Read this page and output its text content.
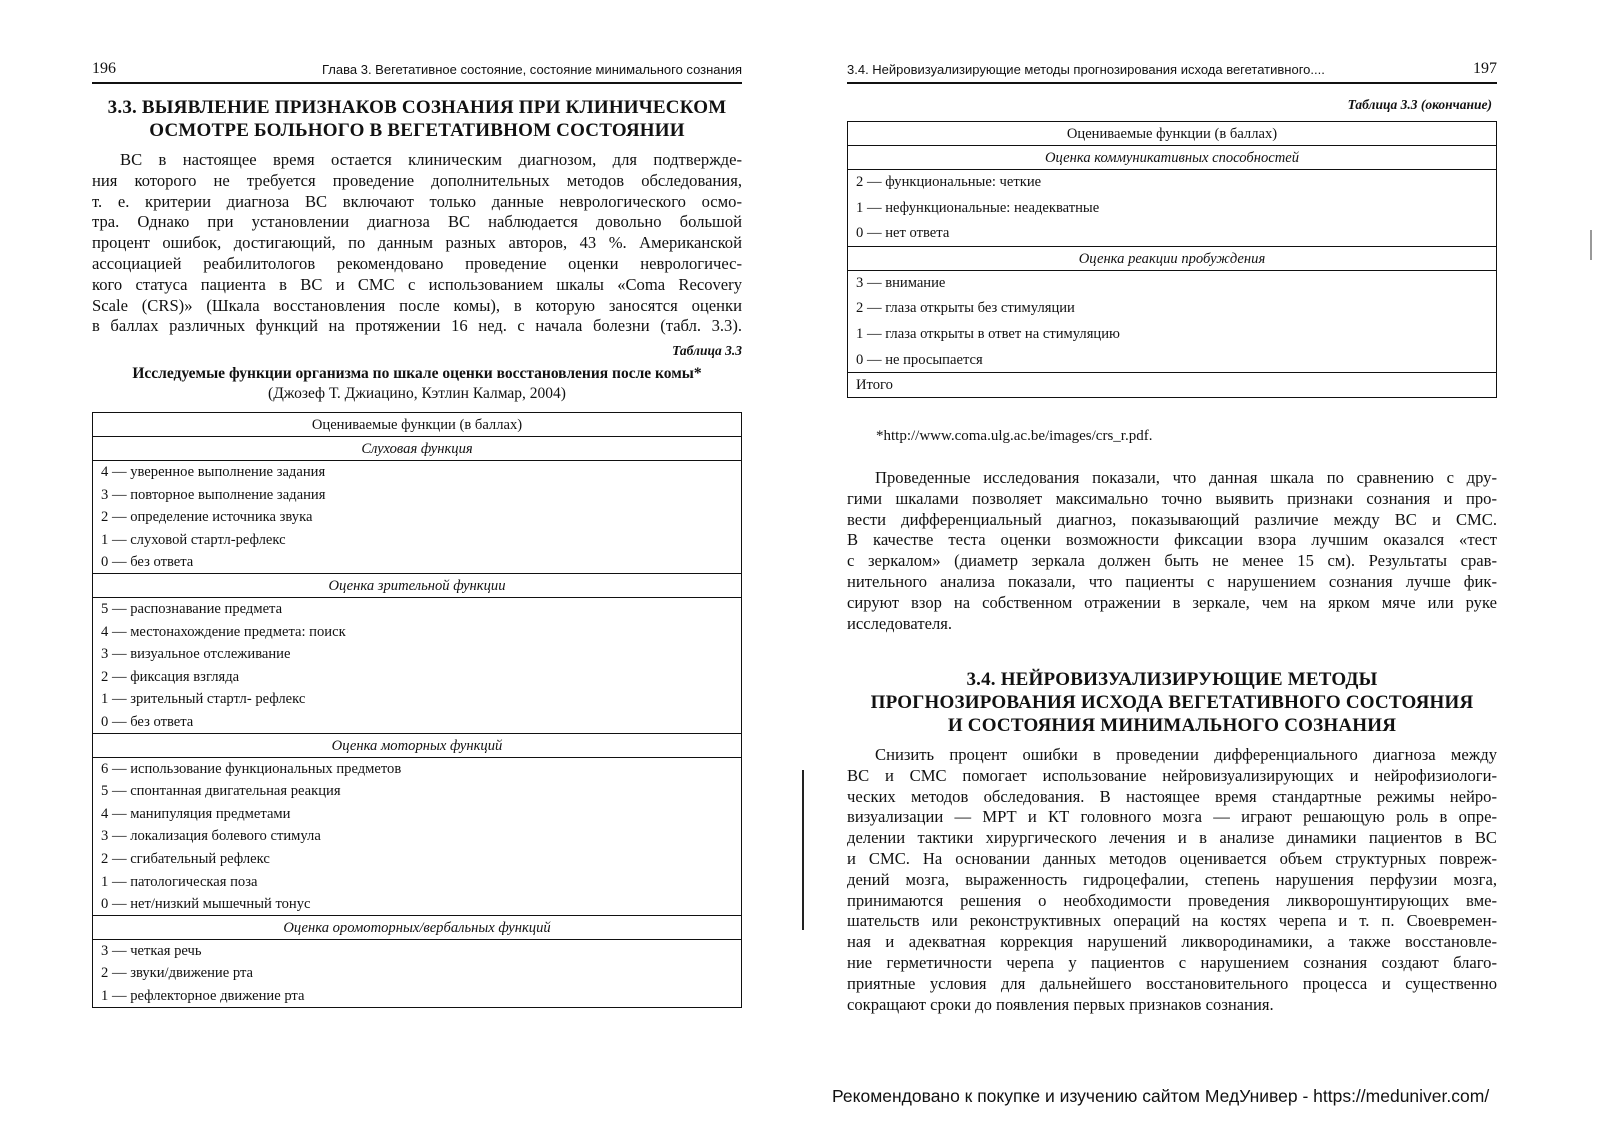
196	Глава 3. Вегетативное состояние, состояние минимального сознания
3.3. ВЫЯВЛЕНИЕ ПРИЗНАКОВ СОЗНАНИЯ ПРИ КЛИНИЧЕСКОМ
ОСМОТРЕ БОЛЬНОГО В ВЕГЕТАТИВНОМ СОСТОЯНИИ
ВС в настоящее время остается клиническим диагнозом, для подтвержде-
ния которого не требуется проведение дополнительных методов обследования,
т. е. критерии диагноза ВС включают только данные неврологического осмо-
тра. Однако при установлении диагноза ВС наблюдается довольно большой
процент ошибок, достигающий, по данным разных авторов, 43 %. Американской
ассоциацией реабилитологов рекомендовано проведение оценки неврологичес-
кого статуса пациента в ВС и СМС с использованием шкалы «Coma Recovery
Scale (CRS)» (Шкала восстановления после комы), в которую заносятся оценки
в баллах различных функций на протяжении 16 нед. с начала болезни (табл. 3.3).
Таблица 3.3
Исследуемые функции организма по шкале оценки восстановления после комы*
(Джозеф Т. Джиацино, Кэтлин Калмар, 2004)
Оцениваемые функции (в баллах)
Слуховая функция
4 — уверенное выполнение задания
3 — повторное выполнение задания
2 — определение источника звука
1 — слуховой стартл-рефлекс
0 — без ответа
Оценка зрительной функции
5 — распознавание предмета
4 — местонахождение предмета: поиск
3 — визуальное отслеживание
2 — фиксация взгляда
1 — зрительный стартл- рефлекс
0 — без ответа
Оценка моторных функций
6 — использование функциональных предметов
5 — спонтанная двигательная реакция
4 — манипуляция предметами
3 — локализация болевого стимула
2 — сгибательный рефлекс
1 — патологическая поза
0 — нет/низкий мышечный тонус
Оценка оромоторных/вербальных функций
3 — четкая речь
2 — звуки/движение рта
1 — рефлекторное движение рта
197
3.4. Нейровизуализирующие методы прогнозирования исхода вегетативного....
Таблица 3.3 (окончание)
Оцениваемые функции (в баллах)
Оценка коммуникативных способностей
2 — функциональные: четкие
1 — нефункциональные: неадекватные
0 — нет ответа
Оценка реакции пробуждения
3 — внимание
2 — глаза открыты без стимуляции
1 — глаза открыты в ответ на стимуляцию
0 — не просыпается
Итого
*http://www.coma.ulg.ac.be/images/crs_r.pdf.
Проведенные исследования показали, что данная шкала по сравнению с дру-
гими шкалами позволяет максимально точно выявить признаки сознания и про-
вести дифференциальный диагноз, показывающий различие между ВС и СМС.
В качестве теста оценки возможности фиксации взора лучшим оказался «тест
с зеркалом» (диаметр зеркала должен быть не менее 15 см). Результаты срав-
нительного анализа показали, что пациенты с нарушением сознания лучше фик-
сируют взор на собственном отражении в зеркале, чем на ярком мяче или руке
исследователя.
3.4. НЕЙРОВИЗУАЛИЗИРУЮЩИЕ МЕТОДЫ
ПРОГНОЗИРОВАНИЯ ИСХОДА ВЕГЕТАТИВНОГО СОСТОЯНИЯ
И СОСТОЯНИЯ МИНИМАЛЬНОГО СОЗНАНИЯ
Снизить процент ошибки в проведении дифференциального диагноза между
ВС и СМС помогает использование нейровизуализирующих и нейрофизиологи-
ческих методов обследования. В настоящее время стандартные режимы нейро-
визуализации — МРТ и КТ головного мозга — играют решающую роль в опре-
делении тактики хирургического лечения и в анализе динамики пациентов в ВС
и СМС. На основании данных методов оценивается объем структурных повреж-
дений мозга, выраженность гидроцефалии, степень нарушения перфузии мозга,
принимаются решения о необходимости проведения ликворошунтирующих вме-
шательств или реконструктивных операций на костях черепа и т. п. Своевремен-
ная и адекватная коррекция нарушений ликвородинамики, а также восстановле-
ние герметичности черепа у пациентов с нарушением сознания создают благо-
приятные условия для дальнейшего восстановительного процесса и существенно
сокращают сроки до появления первых признаков сознания.
Рекомендовано к покупке и изучению сайтом МедУнивер - https://meduniver.com/
